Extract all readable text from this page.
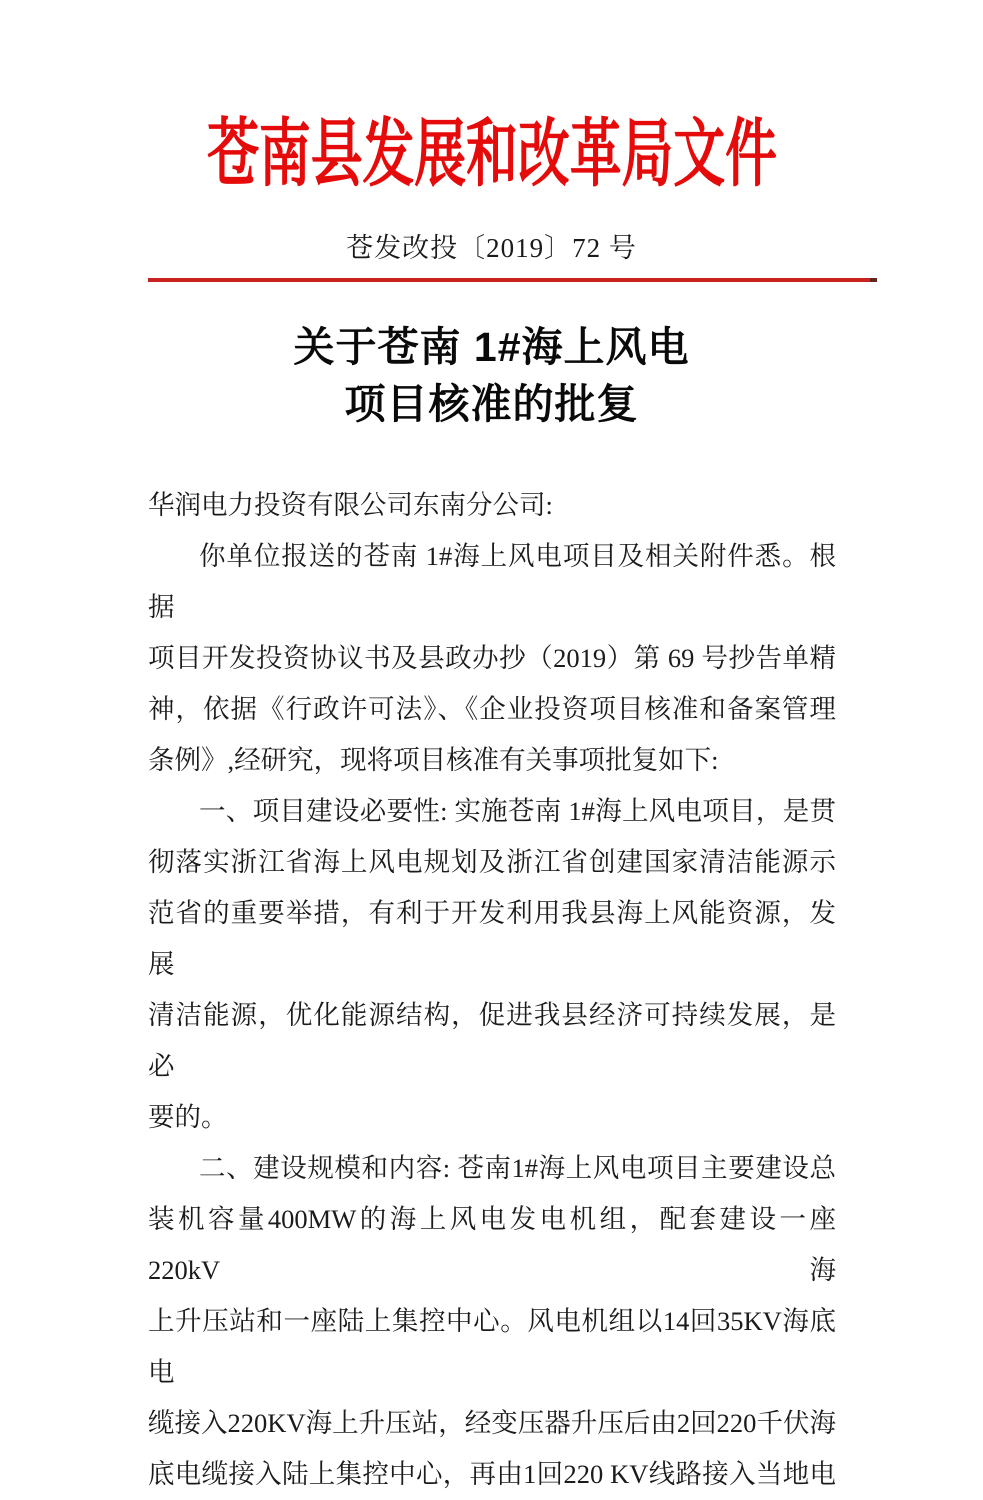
苍南县发展和改革局文件
苍发改投〔2019〕72 号
关于苍南 1#海上风电
项目核准的批复
华润电力投资有限公司东南分公司:
你单位报送的苍南 1#海上风电项目及相关附件悉。根据
项目开发投资协议书及县政办抄（2019）第 69 号抄告单精
神，依据《行政许可法》、《企业投资项目核准和备案管理
条例》,经研究，现将项目核准有关事项批复如下:
一、项目建设必要性: 实施苍南 1#海上风电项目，是贯
彻落实浙江省海上风电规划及浙江省创建国家清洁能源示
范省的重要举措，有利于开发利用我县海上风能资源，发展
清洁能源，优化能源结构，促进我县经济可持续发展，是必
要的。
二、建设规模和内容: 苍南1#海上风电项目主要建设总
装机容量400MW的海上风电发电机组，配套建设一座220kV海
上升压站和一座陆上集控中心。风电机组以14回35KV海底电
缆接入220KV海上升压站，经变压器升压后由2回220千伏海
底电缆接入陆上集控中心，再由1回220 KV线路接入当地电
